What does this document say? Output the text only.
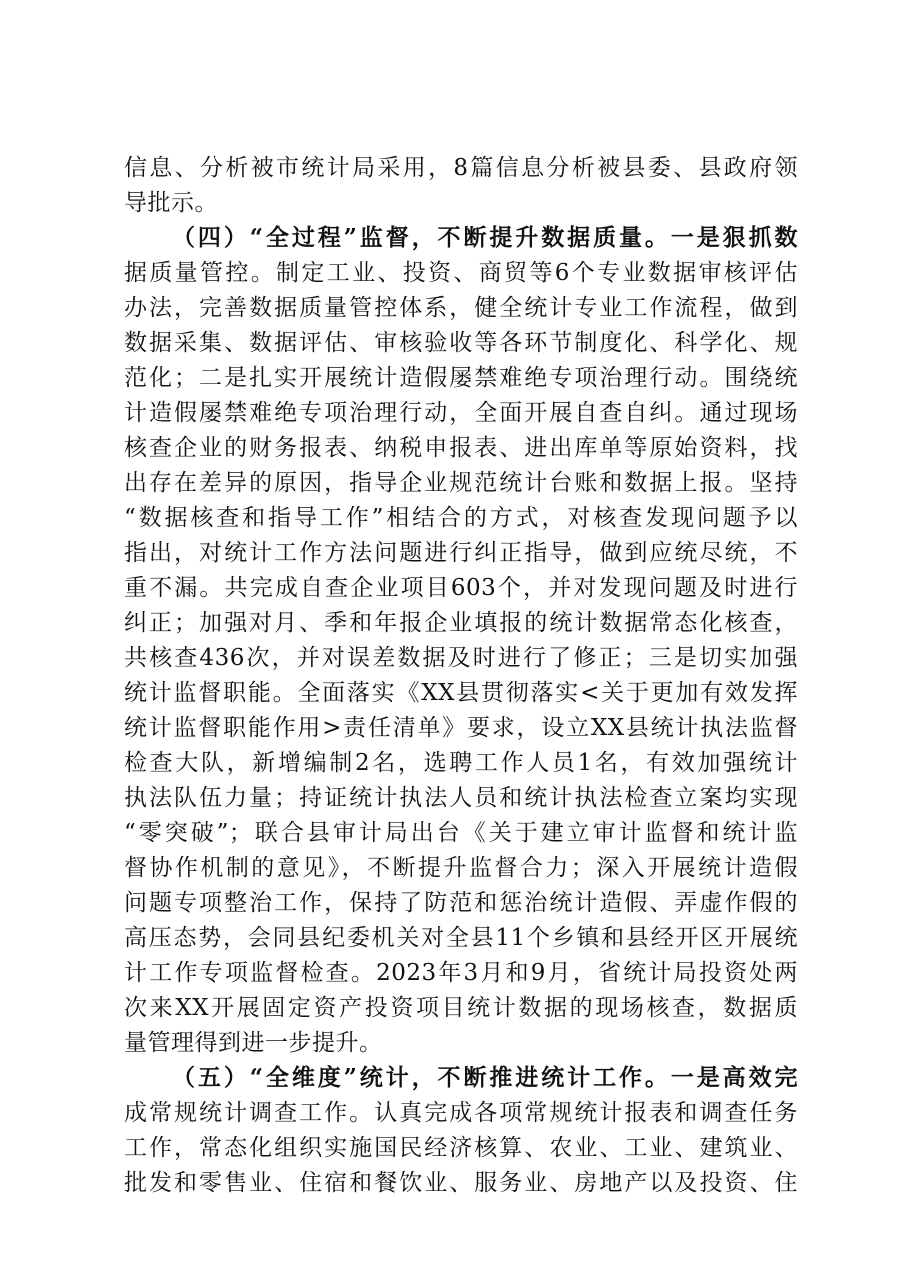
信息、分析被市统计局采用，8篇信息分析被县委、县政府领
导批示。
（四）“全过程”监督，不断提升数据质量。一是狠抓数
据质量管控。制定工业、投资、商贸等6个专业数据审核评估
办法，完善数据质量管控体系，健全统计专业工作流程，做到
数据采集、数据评估、审核验收等各环节制度化、科学化、规
范化；二是扎实开展统计造假屡禁难绝专项治理行动。围绕统
计造假屡禁难绝专项治理行动，全面开展自查自纠。通过现场
核查企业的财务报表、纳税申报表、进出库单等原始资料，找
出存在差异的原因，指导企业规范统计台账和数据上报。坚持
“数据核查和指导工作”相结合的方式，对核查发现问题予以
指出，对统计工作方法问题进行纠正指导，做到应统尽统，不
重不漏。共完成自查企业项目603个，并对发现问题及时进行
纠正；加强对月、季和年报企业填报的统计数据常态化核查，
共核查436次，并对误差数据及时进行了修正；三是切实加强
统计监督职能。全面落实《XX县贯彻落实<关于更加有效发挥
统计监督职能作用>责任清单》要求，设立XX县统计执法监督
检查大队，新增编制2名，选聘工作人员1名，有效加强统计
执法队伍力量；持证统计执法人员和统计执法检查立案均实现
“零突破”；联合县审计局出台《关于建立审计监督和统计监
督协作机制的意见》，不断提升监督合力；深入开展统计造假
问题专项整治工作，保持了防范和惩治统计造假、弄虚作假的
高压态势，会同县纪委机关对全县11个乡镇和县经开区开展统
计工作专项监督检查。2023年3月和9月，省统计局投资处两
次来XX开展固定资产投资项目统计数据的现场核查，数据质
量管理得到进一步提升。
（五）“全维度”统计，不断推进统计工作。一是高效完
成常规统计调查工作。认真完成各项常规统计报表和调查任务
工作，常态化组织实施国民经济核算、农业、工业、建筑业、
批发和零售业、住宿和餐饮业、服务业、房地产以及投资、住
